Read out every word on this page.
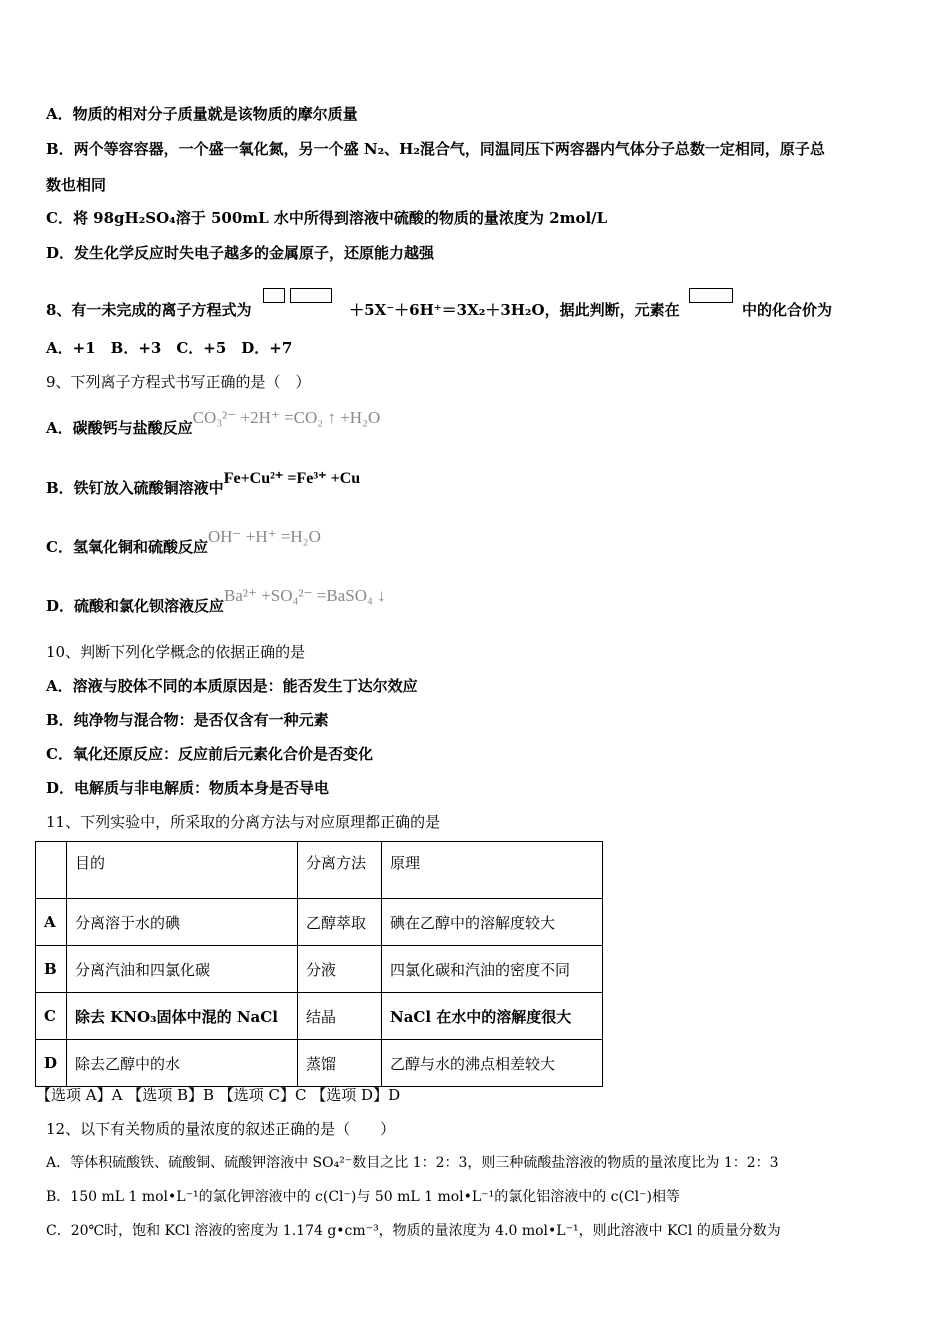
A．物质的相对分子质量就是该物质的摩尔质量
B．两个等容容器，一个盛一氧化氮，另一个盛 N₂、H₂混合气，同温同压下两容器内气体分子总数一定相同，原子总
数也相同
C．将 98gH₂SO₄溶于 500mL 水中所得到溶液中硫酸的物质的量浓度为 2mol/L
D．发生化学反应时失电子越多的金属原子，还原能力越强
8、有一未完成的离子方程式为	＋5X⁻＋6H⁺＝3X₂＋3H₂O，据此判断，元素在	中的化合价为
A．+1　B．+3　C．+5　D．+7
9、下列离子方程式书写正确的是（　）
A．碳酸钙与盐酸反应CO₃²⁻ +2H⁺ =CO₂ ↑ +H₂O
B．铁钉放入硫酸铜溶液中Fe+Cu²⁺ =Fe³⁺ +Cu
C．氢氧化铜和硫酸反应OH⁻ +H⁺ =H₂O
D．硫酸和氯化钡溶液反应Ba²⁺ +SO₄²⁻ =BaSO₄ ↓
10、判断下列化学概念的依据正确的是
A．溶液与胶体不同的本质原因是：能否发生丁达尔效应
B．纯净物与混合物：是否仅含有一种元素
C．氧化还原反应：反应前后元素化合价是否变化
D．电解质与非电解质：物质本身是否导电
11、下列实验中，所采取的分离方法与对应原理都正确的是
	目的	分离方法	原理
A	分离溶于水的碘	乙醇萃取	碘在乙醇中的溶解度较大
B	分离汽油和四氯化碳	分液	四氯化碳和汽油的密度不同
C	除去 KNO₃固体中混的 NaCl	结晶	NaCl 在水中的溶解度很大
D	除去乙醇中的水	蒸馏	乙醇与水的沸点相差较大
【选项 A】A 【选项 B】B 【选项 C】C 【选项 D】D
12、以下有关物质的量浓度的叙述正确的是（　　）
A．等体积硫酸铁、硫酸铜、硫酸钾溶液中 SO₄²⁻数目之比 1：2：3，则三种硫酸盐溶液的物质的量浓度比为 1：2：3
B．150 mL 1 mol•L⁻¹的氯化钾溶液中的 c(Cl⁻)与 50 mL 1 mol•L⁻¹的氯化铝溶液中的 c(Cl⁻)相等
C．20℃时，饱和 KCl 溶液的密度为 1.174 g•cm⁻³，物质的量浓度为 4.0 mol•L⁻¹，则此溶液中 KCl 的质量分数为
